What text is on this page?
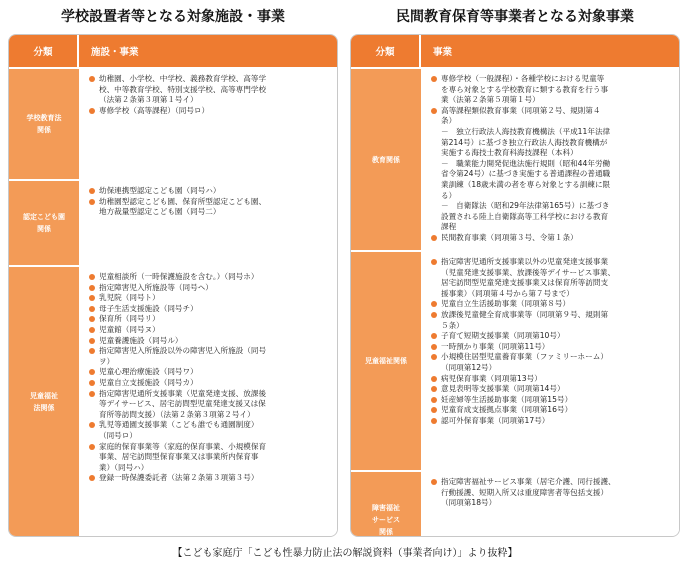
学校設置者等となる対象施設・事業	民間教育保育等事業者となる対象事業
分類	施設・事業
学校教育法
関係
幼稚園、小学校、中学校、義務教育学校、高等学
校、中等教育学校、特別支援学校、高等専門学校
（法第２条第３項第１号イ）
専修学校（高等課程）（同号ロ）
認定こども園
関係
幼保連携型認定こども園（同号ハ）
幼稚園型認定こども園、保育所型認定こども園、
地方裁量型認定こども園（同号二）
児童福祉
法関係
児童相談所（一時保護施設を含む。）（同号ホ）
指定障害児入所施設等（同号ヘ）
乳児院（同号ト）
母子生活支援施設（同号チ）
保育所（同号リ）
児童館（同号ヌ）
児童養護施設（同号ル）
指定障害児入所施設以外の障害児入所施設（同号
ヲ）
児童心理治療施設（同号ワ）
児童自立支援施設（同号カ）
指定障害児通所支援事業（児童発達支援、放課後
等デイサービス、居宅訪問型児童発達支援又は保
育所等訪問支援）（法第２条第３項第２号イ）
乳児等通園支援事業（こども誰でも通園制度）
（同号ロ）
家庭的保育事業等（家庭的保育事業、小規模保育
事業、居宅訪問型保育事業又は事業所内保育事
業）（同号ハ）
登録一時保護委託者（法第２条第３項第３号）
分類	事業
教育関係
専修学校（一般課程）・各種学校における児童等
を専ら対象とする学校教育に類する教育を行う事
業（法第２条第５項第１号）
高等課程類似教育事業（同項第２号、規則第４
条）
－　独立行政法人海技教育機構法（平成11年法律
第214号）に基づき独立行政法人海技教育機構が
実施する海技士教育科海技課程（本科）
－　職業能力開発促進法施行規則（昭和44年労働
省令第24号）に基づき実施する普通課程の普通職
業訓練（18歳未満の者を専ら対象とする訓練に限
る）
－　自衛隊法（昭和29年法律第165号）に基づき
設置される陸上自衛隊高等工科学校における教育
課程
民間教育事業（同項第３号、令第１条）
児童福祉関係
指定障害児通所支援事業以外の児童発達支援事業
（児童発達支援事業、放課後等デイサービス事業、
居宅訪問型児童発達支援事業又は保育所等訪問支
援事業）（同項第４号から第７号まで）
児童自立生活援助事業（同項第８号）
放課後児童健全育成事業等（同項第９号、規則第
５条）
子育て短期支援事業（同項第10号）
一時預かり事業（同項第11号）
小規模住居型児童養育事業（ファミリーホーム）
（同項第12号）
病児保育事業（同項第13号）
意見表明等支援事業（同項第14号）
妊産婦等生活援助事業（同項第15号）
児童育成支援拠点事業（同項第16号）
認可外保育事業（同項第17号）
障害福祉
サービス
関係
指定障害福祉サービス事業（居宅介護、同行援護、
行動援護、短期入所又は重度障害者等包括支援）
（同項第18号）
【こども家庭庁「こども性暴力防止法の解説資料（事業者向け）」より抜粋】
